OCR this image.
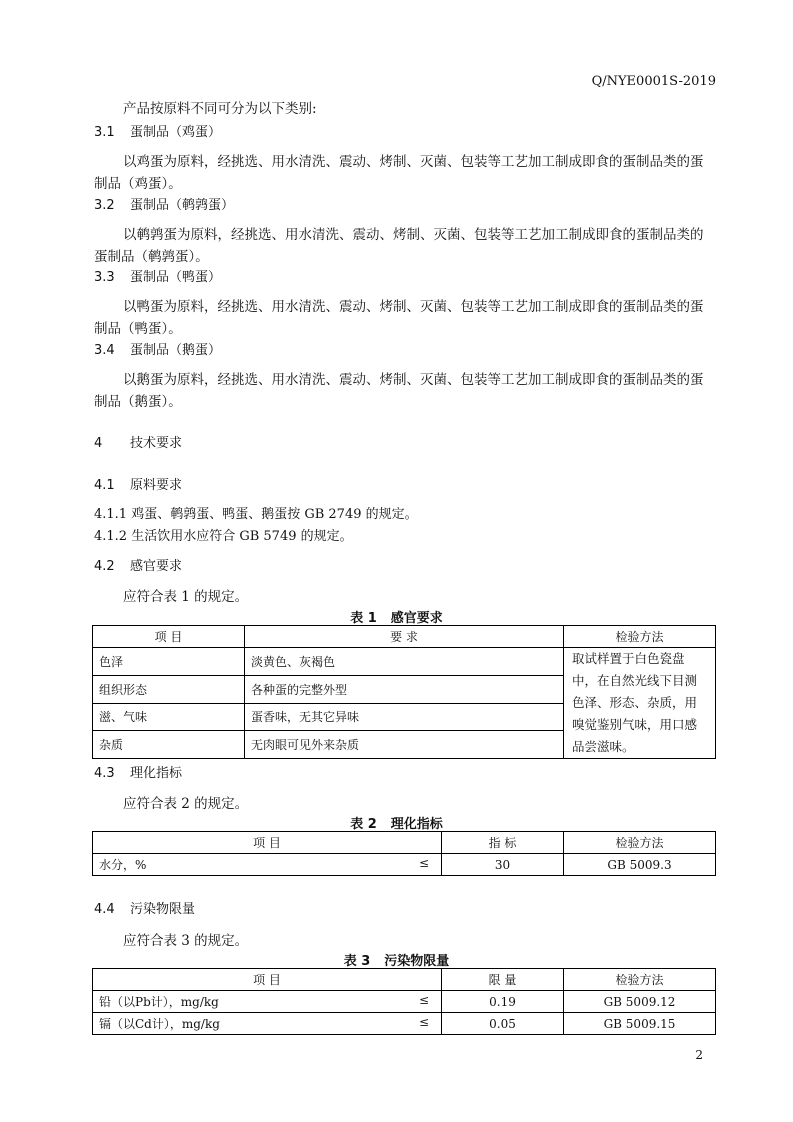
Q/NYE0001S-2019
产品按原料不同可分为以下类别:
3.1 蛋制品（鸡蛋）
以鸡蛋为原料，经挑选、用水清洗、震动、烤制、灭菌、包装等工艺加工制成即食的蛋制品类的蛋
制品（鸡蛋）。
3.2 蛋制品（鹌鹑蛋）
以鹌鹑蛋为原料，经挑选、用水清洗、震动、烤制、灭菌、包装等工艺加工制成即食的蛋制品类的
蛋制品（鹌鹑蛋）。
3.3 蛋制品（鸭蛋）
以鸭蛋为原料，经挑选、用水清洗、震动、烤制、灭菌、包装等工艺加工制成即食的蛋制品类的蛋
制品（鸭蛋）。
3.4 蛋制品（鹅蛋）
以鹅蛋为原料，经挑选、用水清洗、震动、烤制、灭菌、包装等工艺加工制成即食的蛋制品类的蛋
制品（鹅蛋）。
4 技术要求
4.1 原料要求
4.1.1 鸡蛋、鹌鹑蛋、鸭蛋、鹅蛋按 GB 2749 的规定。
4.1.2 生活饮用水应符合 GB 5749 的规定。
4.2 感官要求
应符合表 1 的规定。
表 1 感官要求
项 目	要 求	检验方法
色泽	淡黄色、灰褐色	取试样置于白色瓷盘中，在自然光线下目测色泽、形态、杂质，用嗅觉鉴别气味，用口感品尝滋味。
组织形态	各种蛋的完整外型	
滋、气味	蛋香味，无其它异味	
杂质	无肉眼可见外来杂质	
4.3 理化指标
应符合表 2 的规定。
表 2 理化指标
项 目	指 标	检验方法

水分，% ≤	30	GB 5009.3
4.4 污染物限量
应符合表 3 的规定。
表 3 污染物限量
项 目	限 量	检验方法

铅（以Pb计），mg/kg ≤	0.19	GB 5009.12

镉（以Cd计），mg/kg ≤	0.05	GB 5009.15
2
